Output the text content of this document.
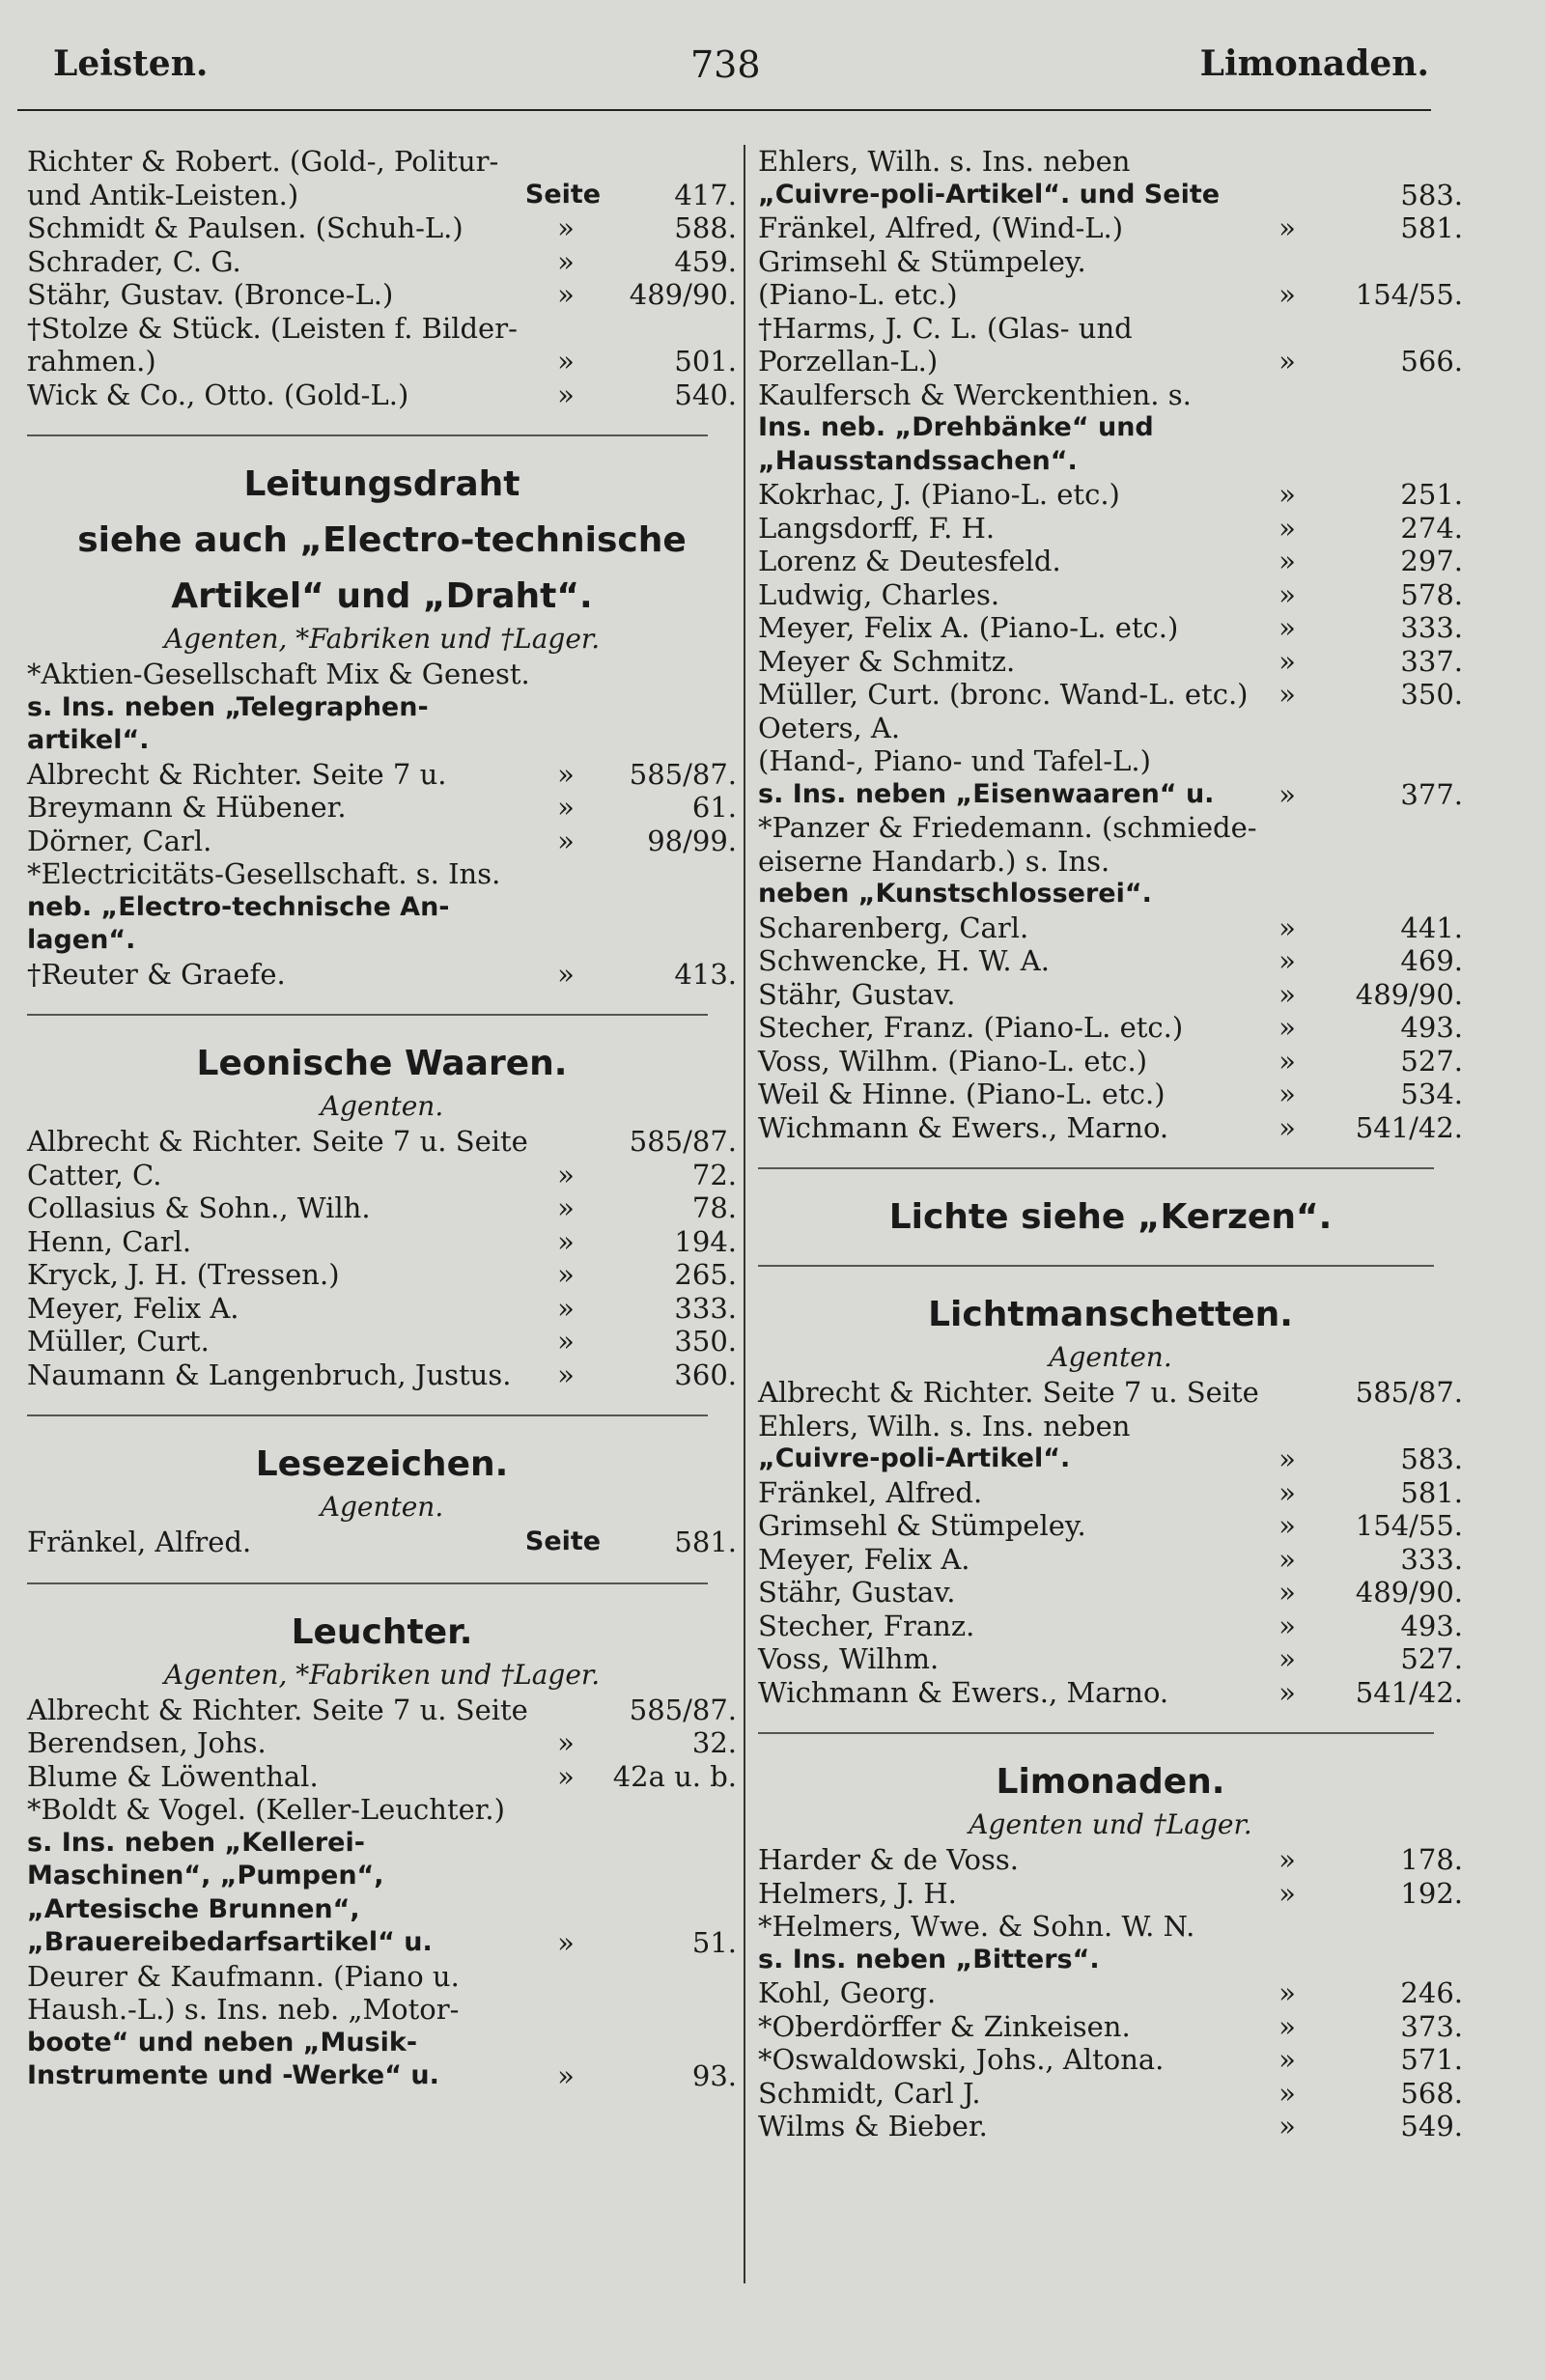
Leisten.	738	Limonaden.
Richter & Robert. (Gold-, Politur-
und Antik-Leisten.)	Seite	417.
Schmidt & Paulsen. (Schuh-L.)	»	588.
Schrader, C. G.	»	459.
Stähr, Gustav. (Bronce-L.)	»	489/90.
†Stolze & Stück. (Leisten f. Bilder-
rahmen.)	»	501.
Wick & Co., Otto. (Gold-L.)	»	540.
Leitungsdraht
siehe auch „Electro-technische
Artikel“ und „Draht“.
Agenten, *Fabriken und †Lager.
*Aktien-Gesellschaft Mix & Genest.
s. Ins. neben „Telegraphen-
artikel“.
Albrecht & Richter. Seite 7 u.	»	585/87.
Breymann & Hübener.	»	61.
Dörner, Carl.	»	98/99.
*Electricitäts-Gesellschaft. s. Ins.
neb. „Electro-technische An-
lagen“.
†Reuter & Graefe.	»	413.
Leonische Waaren.
Agenten.
Albrecht & Richter. Seite 7 u. Seite	585/87.
Catter, C.	»	72.
Collasius & Sohn., Wilh.	»	78.
Henn, Carl.	»	194.
Kryck, J. H. (Tressen.)	»	265.
Meyer, Felix A.	»	333.
Müller, Curt.	»	350.
Naumann & Langenbruch, Justus.	»	360.
Lesezeichen.
Agenten.
Fränkel, Alfred.	Seite	581.
Leuchter.
Agenten, *Fabriken und †Lager.
Albrecht & Richter. Seite 7 u. Seite	585/87.
Berendsen, Johs.	»	32.
Blume & Löwenthal.	»	42a u. b.
*Boldt & Vogel. (Keller-Leuchter.)
s. Ins. neben „Kellerei-
Maschinen“, „Pumpen“,
„Artesische Brunnen“,
„Brauereibedarfsartikel“ u.	»	51.
Deurer & Kaufmann. (Piano u.
Haush.-L.) s. Ins. neb. „Motor-
boote“ und neben „Musik-
Instrumente und -Werke“ u.	»	93.
Ehlers, Wilh. s. Ins. neben
„Cuivre-poli-Artikel“. und Seite	583.
Fränkel, Alfred, (Wind-L.)	»	581.
Grimsehl & Stümpeley.
(Piano-L. etc.)	»	154/55.
†Harms, J. C. L. (Glas- und
Porzellan-L.)	»	566.
Kaulfersch & Werckenthien. s.
Ins. neb. „Drehbänke“ und
„Hausstandssachen“.
Kokrhac, J. (Piano-L. etc.)	»	251.
Langsdorff, F. H.	»	274.
Lorenz & Deutesfeld.	»	297.
Ludwig, Charles.	»	578.
Meyer, Felix A. (Piano-L. etc.)	»	333.
Meyer & Schmitz.	»	337.
Müller, Curt. (bronc. Wand-L. etc.)	»	350.
Oeters, A.
(Hand-, Piano- und Tafel-L.)
s. Ins. neben „Eisenwaaren“ u.	»	377.
*Panzer & Friedemann. (schmiede-
eiserne Handarb.) s. Ins.
neben „Kunstschlosserei“.
Scharenberg, Carl.	»	441.
Schwencke, H. W. A.	»	469.
Stähr, Gustav.	»	489/90.
Stecher, Franz. (Piano-L. etc.)	»	493.
Voss, Wilhm. (Piano-L. etc.)	»	527.
Weil & Hinne. (Piano-L. etc.)	»	534.
Wichmann & Ewers., Marno.	»	541/42.
Lichte siehe „Kerzen“.
Lichtmanschetten.
Agenten.
Albrecht & Richter. Seite 7 u. Seite	585/87.
Ehlers, Wilh. s. Ins. neben
„Cuivre-poli-Artikel“.	»	583.
Fränkel, Alfred.	»	581.
Grimsehl & Stümpeley.	»	154/55.
Meyer, Felix A.	»	333.
Stähr, Gustav.	»	489/90.
Stecher, Franz.	»	493.
Voss, Wilhm.	»	527.
Wichmann & Ewers., Marno.	»	541/42.
Limonaden.
Agenten und †Lager.
Harder & de Voss.	»	178.
Helmers, J. H.	»	192.
*Helmers, Wwe. & Sohn. W. N.
s. Ins. neben „Bitters“.
Kohl, Georg.	»	246.
*Oberdörffer & Zinkeisen.	»	373.
*Oswaldowski, Johs., Altona.	»	571.
Schmidt, Carl J.	»	568.
Wilms & Bieber.	»	549.
